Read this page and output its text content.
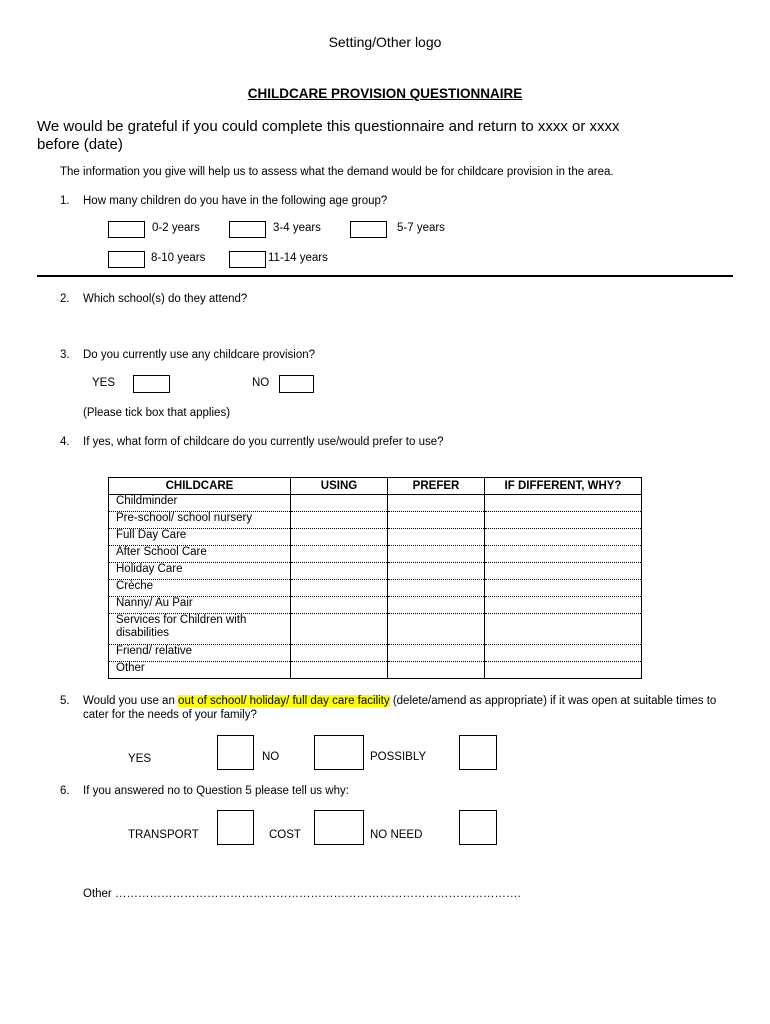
Setting/Other logo
CHILDCARE PROVISION QUESTIONNAIRE
We would be grateful if you could complete this questionnaire and return to xxxx or xxxx before (date)
The information you give will help us to assess what the demand would be for childcare provision in the area.
1. How many children do you have in the following age group?
0-2 years	3-4 years	5-7 years
8-10 years	11-14 years
2. Which school(s) do they attend?
3. Do you currently use any childcare provision?
YES	NO
(Please tick box that applies)
4. If yes, what form of childcare do you currently use/would prefer to use?
CHILDCARE	USING	PREFER	IF DIFFERENT, WHY?
Childminder			
Pre-school/ school nursery			
Full Day Care			
After School Care			
Holiday Care			
Crèche			
Nanny/ Au Pair			
Services for Children with disabilities			
Friend/ relative			
Other			
5. Would you use an out of school/ holiday/ full day care facility (delete/amend as appropriate) if it was open at suitable times to cater for the needs of your family?
YES	NO	POSSIBLY
6. If you answered no to Question 5 please tell us why:
TRANSPORT	COST	NO NEED
Other …………………………………………………………………………………………….
